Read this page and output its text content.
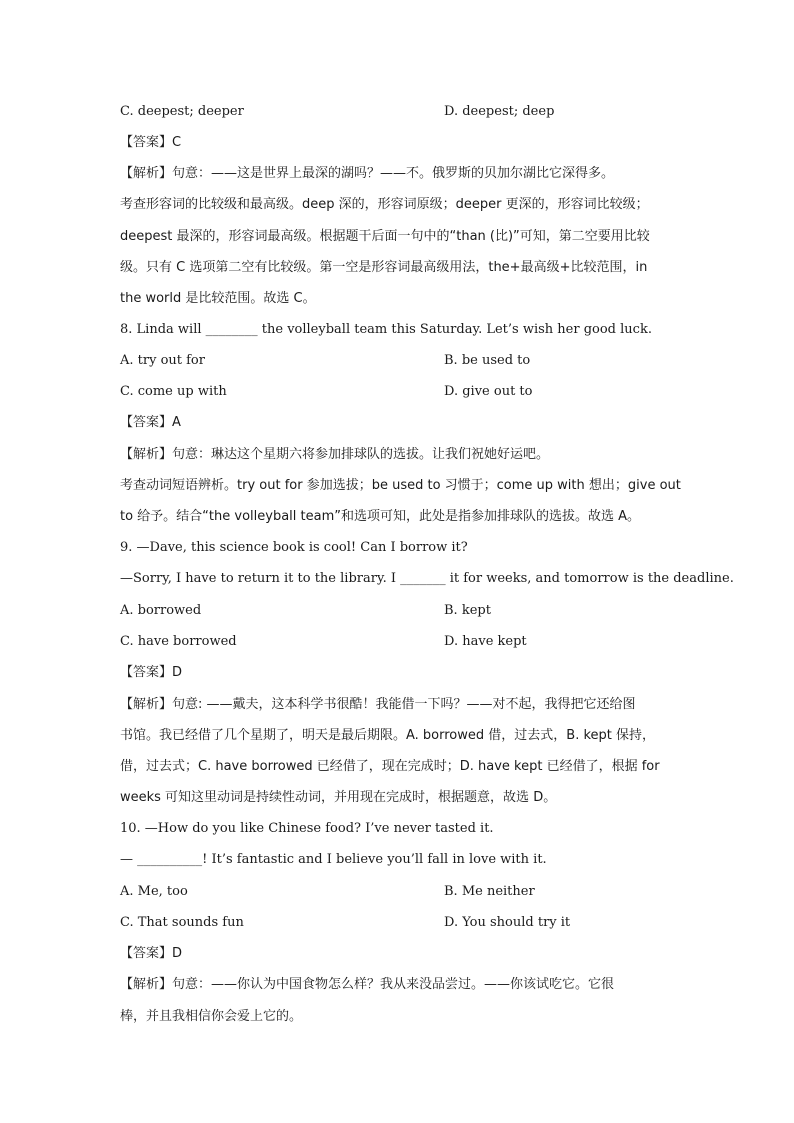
C. deepest; deeper	D. deepest; deep
【答案】C
【解析】句意：——这是世界上最深的湖吗？——不。俄罗斯的贝加尔湖比它深得多。
考查形容词的比较级和最高级。deep 深的，形容词原级；deeper 更深的，形容词比较级；
deepest 最深的，形容词最高级。根据题干后面一句中的“than (比)”可知，第二空要用比较
级。只有 C 选项第二空有比较级。第一空是形容词最高级用法，the+最高级+比较范围，in
the world 是比较范围。故选 C。
8. Linda will ________ the volleyball team this Saturday. Let’s wish her good luck.
A. try out for	B. be used to
C. come up with	D. give out to
【答案】A
【解析】句意：琳达这个星期六将参加排球队的选拔。让我们祝她好运吧。
考查动词短语辨析。try out for 参加选拔；be used to 习惯于；come up with 想出；give out
to 给予。结合“the volleyball team”和选项可知，此处是指参加排球队的选拔。故选 A。
9. —Dave, this science book is cool! Can I borrow it?
—Sorry, I have to return it to the library. I _______ it for weeks, and tomorrow is the deadline.
A. borrowed	B. kept
C. have borrowed	D. have kept
【答案】D
【解析】句意: ——戴夫，这本科学书很酷！我能借一下吗？——对不起，我得把它还给图
书馆。我已经借了几个星期了，明天是最后期限。A. borrowed 借，过去式，B. kept 保持，
借，过去式；C. have borrowed 已经借了，现在完成时；D. have kept 已经借了，根据 for
weeks 可知这里动词是持续性动词，并用现在完成时，根据题意，故选 D。
10. —How do you like Chinese food? I’ve never tasted it.
— __________! It’s fantastic and I believe you’ll fall in love with it.
A. Me, too	B. Me neither
C. That sounds fun	D. You should try it
【答案】D
【解析】句意：——你认为中国食物怎么样？我从来没品尝过。——你该试吃它。它很
棒，并且我相信你会爱上它的。
